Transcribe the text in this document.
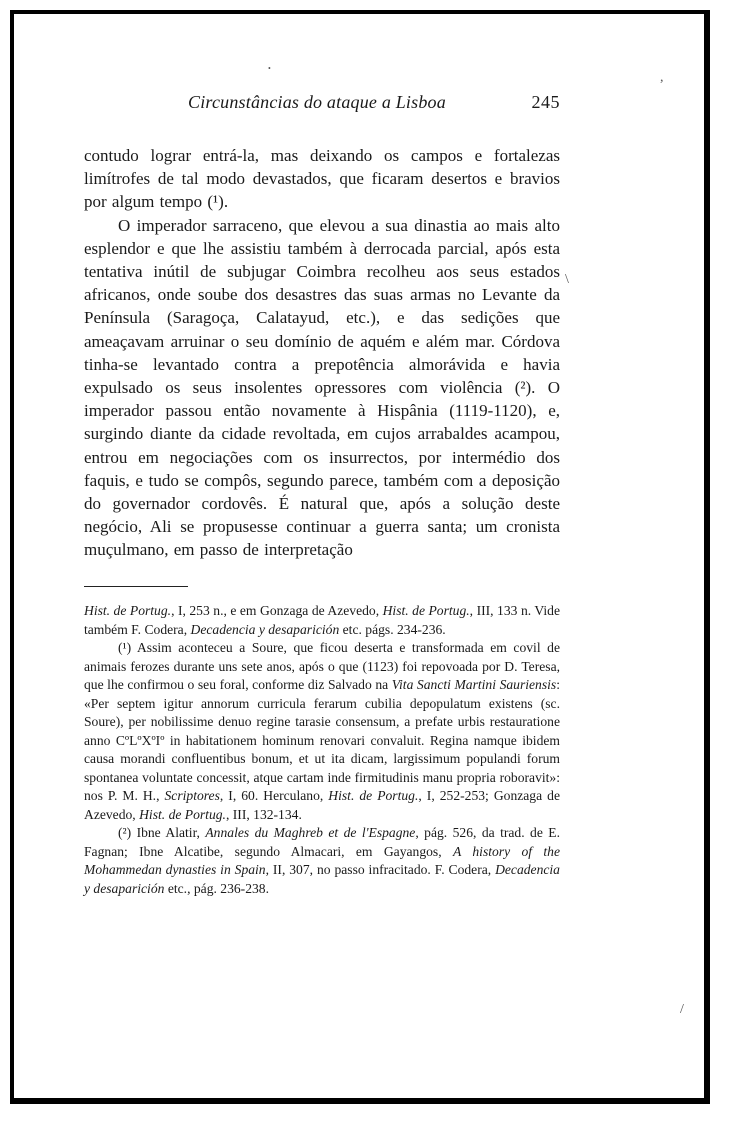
Circunstâncias do ataque a Lisboa	245

contudo lograr entrá-la, mas deixando os campos e fortalezas limítrofes de tal modo devastados, que ficaram desertos e bravios por algum tempo (¹).

O imperador sarraceno, que elevou a sua dinastia ao mais alto esplendor e que lhe assistiu também à derrocada parcial, após esta tentativa inútil de subjugar Coimbra recolheu aos seus estados africanos, onde soube dos desastres das suas armas no Levante da Península (Saragoça, Calatayud, etc.), e das sedições que ameaçavam arruinar o seu domínio de aquém e além mar. Córdova tinha-se levantado contra a prepotência almorávida e havia expulsado os seus insolentes opressores com violência (²). O imperador passou então novamente à Hispânia (1119-1120), e, surgindo diante da cidade revoltada, em cujos arrabaldes acampou, entrou em negociações com os insurrectos, por intermédio dos faquis, e tudo se compôs, segundo parece, também com a deposição do governador cordovês. É natural que, após a solução deste negócio, Ali se propusesse continuar a guerra santa; um cronista muçulmano, em passo de interpretação

Hist. de Portug., I, 253 n., e em Gonzaga de Azevedo, Hist. de Portug., III, 133 n. Vide também F. Codera, Decadencia y desaparición etc. págs. 234-236.

(¹) Assim aconteceu a Soure, que ficou deserta e transformada em covil de animais ferozes durante uns sete anos, após o que (1123) foi repovoada por D. Teresa, que lhe confirmou o seu foral, conforme diz Salvado na Vita Sancti Martini Sauriensis: «Per septem igitur annorum curricula ferarum cubilia depopulatum existens (sc. Soure), per nobilissime denuo regine tarasie consensum, a prefate urbis restauratione anno CºLºXºIº in habitationem hominum renovari convaluit. Regina namque ibidem causa morandi confluentibus bonum, et ut ita dicam, largissimum populandi forum spontanea voluntate concessit, atque cartam inde firmitudinis manu propria roboravit»: nos P. M. H., Scriptores, I, 60. Herculano, Hist. de Portug., I, 252-253; Gonzaga de Azevedo, Hist. de Portug., III, 132-134.

(²) Ibne Alatir, Annales du Maghreb et de l'Espagne, pág. 526, da trad. de E. Fagnan; Ibne Alcatibe, segundo Almacari, em Gayangos, A history of the Mohammedan dynasties in Spain, II, 307, no passo infracitado. F. Codera, Decadencia y desaparición etc., pág. 236-238.

,
•
\
/
